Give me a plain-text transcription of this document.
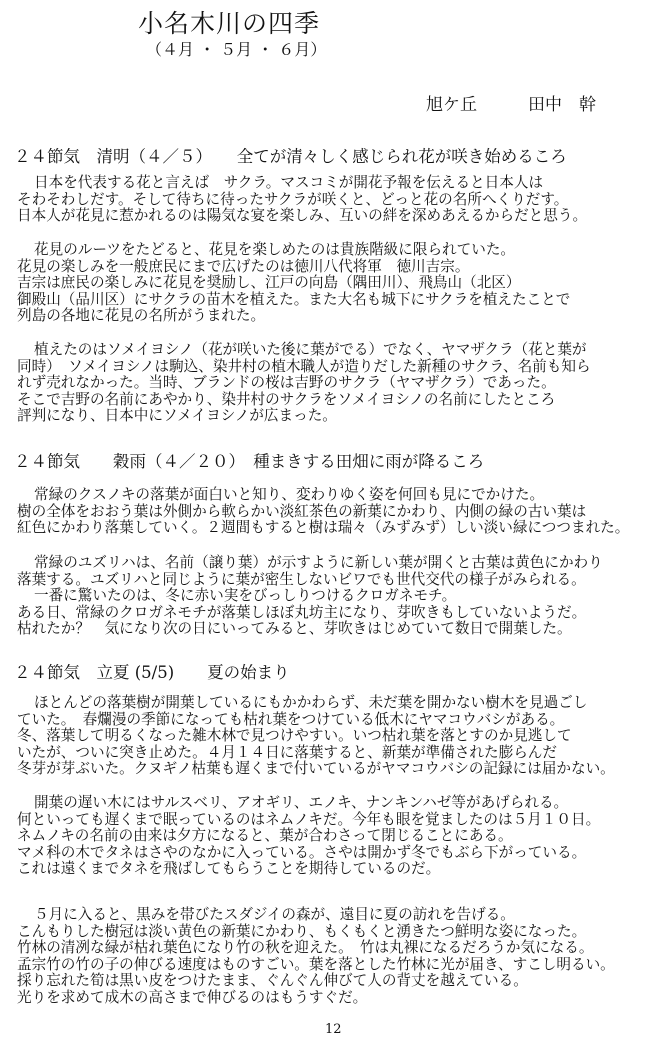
小名木川の四季
（４月 ・ ５月 ・ ６月）
旭ケ丘　　　田中　幹
２４節気　清明（４／５）　　全てが清々しく感じられ花が咲き始めるころ
日本を代表する花と言えば　サクラ。マスコミが開花予報を伝えると日本人は
そわそわしだす。そして待ちに待ったサクラが咲くと、どっと花の名所へくりだす。
日本人が花見に惹かれるのは陽気な宴を楽しみ、互いの絆を深めあえるからだと思う。
花見のルーツをたどると、花見を楽しめたのは貴族階級に限られていた。
花見の楽しみを一般庶民にまで広げたのは徳川八代将軍　徳川吉宗。
吉宗は庶民の楽しみに花見を奨励し、江戸の向島（隅田川）、飛鳥山（北区）
御殿山（品川区）にサクラの苗木を植えた。また大名も城下にサクラを植えたことで
列島の各地に花見の名所がうまれた。
植えたのはソメイヨシノ（花が咲いた後に葉がでる）でなく、ヤマザクラ（花と葉が
同時）　ソメイヨシノは駒込、染井村の植木職人が造りだした新種のサクラ、名前も知ら
れず売れなかった。当時、ブランドの桜は吉野のサクラ（ヤマザクラ）であった。
そこで吉野の名前にあやかり、染井村のサクラをソメイヨシノの名前にしたところ
評判になり、日本中にソメイヨシノが広まった。
２４節気　　穀雨（４／２０）　種まきする田畑に雨が降るころ
常緑のクスノキの落葉が面白いと知り、変わりゆく姿を何回も見にでかけた。
樹の全体をおおう葉は外側から軟らかい淡紅茶色の新葉にかわり、内側の緑の古い葉は
紅色にかわり落葉していく。２週間もすると樹は瑞々（みずみず）しい淡い緑につつまれた。
常緑のユズリハは、名前（譲り葉）が示すように新しい葉が開くと古葉は黄色にかわり
落葉する。ユズリハと同じように葉が密生しないビワでも世代交代の様子がみられる。
一番に驚いたのは、冬に赤い実をびっしりつけるクロガネモチ。
ある日、常緑のクロガネモチが落葉しほぼ丸坊主になり、芽吹きもしていないようだ。
枯れたか？　気になり次の日にいってみると、芽吹きはじめていて数日で開葉した。
２４節気　立夏 (5/5)　　夏の始まり
ほとんどの落葉樹が開葉しているにもかかわらず、未だ葉を開かない樹木を見過ごし
ていた。　春爛漫の季節になっても枯れ葉をつけている低木にヤマコウバシがある。
冬、落葉して明るくなった雑木林で見つけやすい。いつ枯れ葉を落とすのか見逃して
いたが、ついに突き止めた。４月１４日に落葉すると、新葉が準備された膨らんだ
冬芽が芽ぶいた。クヌギノ枯葉も遅くまで付いているがヤマコウバシの記録には届かない。
開葉の遅い木にはサルスベリ、アオギリ、エノキ、ナンキンハゼ等があげられる。
何といっても遅くまで眠っているのはネムノキだ。今年も眼を覚ましたのは５月１０日。
ネムノキの名前の由来は夕方になると、葉が合わさって閉じることにある。
マメ科の木でタネはさやのなかに入っている。さやは開かず冬でもぶら下がっている。
これは遠くまでタネを飛ばしてもらうことを期待しているのだ。
５月に入ると、黒みを帯びたスダジイの森が、遠目に夏の訪れを告げる。
こんもりした樹冠は淡い黄色の新葉にかわり、もくもくと湧きたつ鮮明な姿になった。
竹林の清冽な緑が枯れ葉色になり竹の秋を迎えた。　竹は丸裸になるだろうか気になる。
孟宗竹の竹の子の伸びる速度はものすごい。葉を落とした竹林に光が届き、すこし明るい。
採り忘れた筍は黒い皮をつけたまま、ぐんぐん伸びて人の背丈を越えている。
光りを求めて成木の高さまで伸びるのはもうすぐだ。
12
